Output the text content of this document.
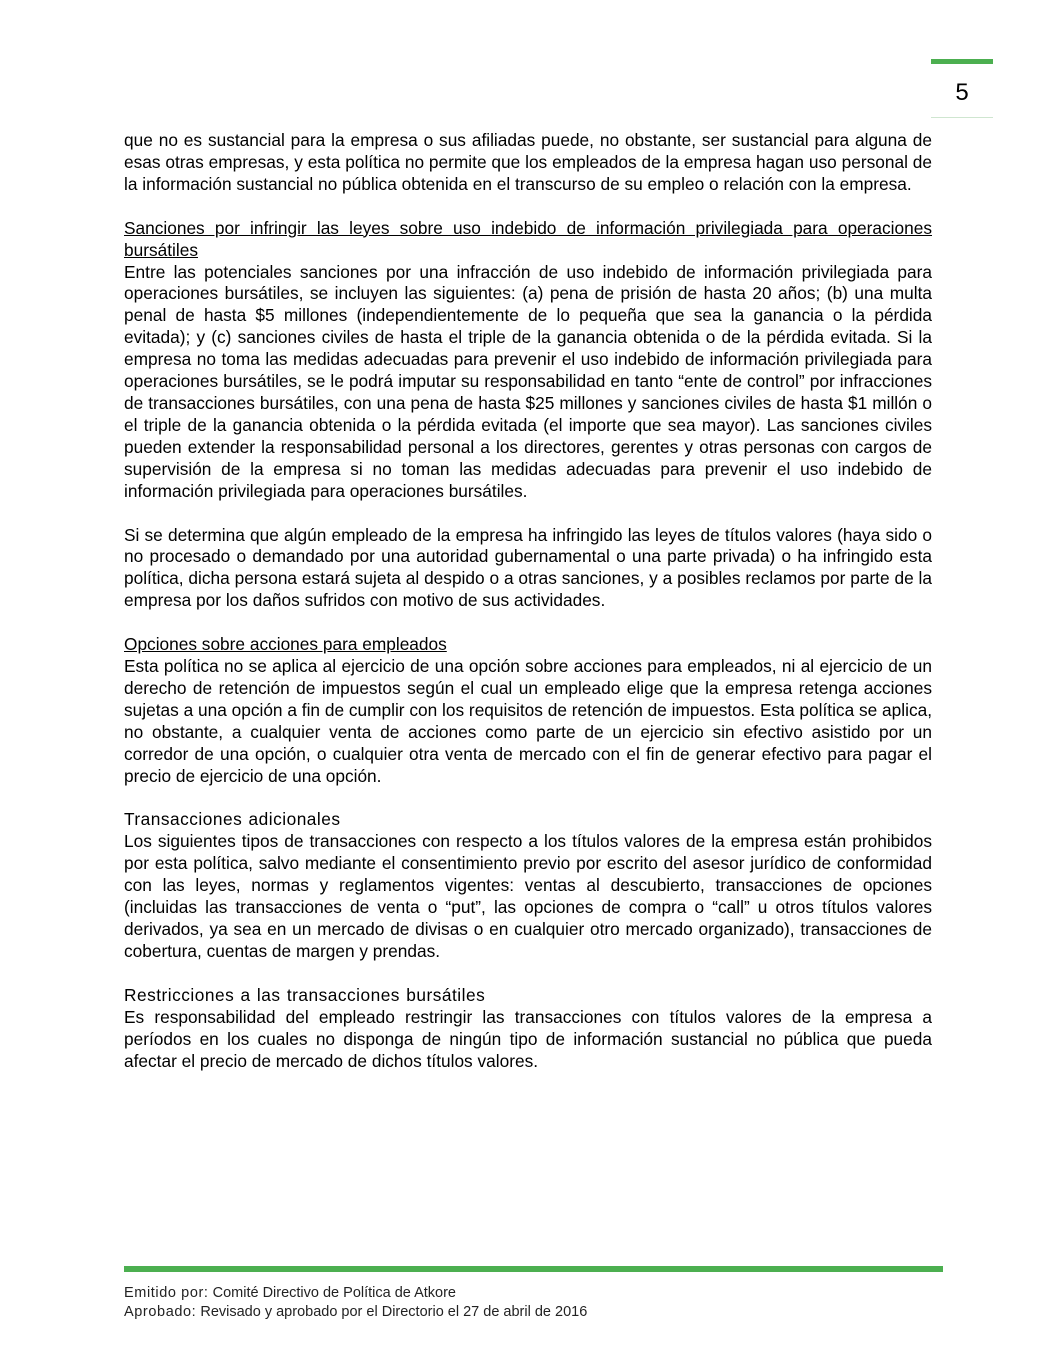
5

que no es sustancial para la empresa o sus afiliadas puede, no obstante, ser sustancial para alguna de esas otras empresas, y esta política no permite que los empleados de la empresa hagan uso personal de la información sustancial no pública obtenida en el transcurso de su empleo o relación con la empresa.

Sanciones por infringir las leyes sobre uso indebido de información privilegiada para operaciones bursátiles

Entre las potenciales sanciones por una infracción de uso indebido de información privilegiada para operaciones bursátiles, se incluyen las siguientes: (a) pena de prisión de hasta 20 años; (b) una multa penal de hasta $5 millones (independientemente de lo pequeña que sea la ganancia o la pérdida evitada); y (c) sanciones civiles de hasta el triple de la ganancia obtenida o de la pérdida evitada. Si la empresa no toma las medidas adecuadas para prevenir el uso indebido de información privilegiada para operaciones bursátiles, se le podrá imputar su responsabilidad en tanto “ente de control” por infracciones de transacciones bursátiles, con una pena de hasta $25 millones y sanciones civiles de hasta $1 millón o el triple de la ganancia obtenida o la pérdida evitada (el importe que sea mayor). Las sanciones civiles pueden extender la responsabilidad personal a los directores, gerentes y otras personas con cargos de supervisión de la empresa si no toman las medidas adecuadas para prevenir el uso indebido de información privilegiada para operaciones bursátiles.

Si se determina que algún empleado de la empresa ha infringido las leyes de títulos valores (haya sido o no procesado o demandado por una autoridad gubernamental o una parte privada) o ha infringido esta política, dicha persona estará sujeta al despido o a otras sanciones, y a posibles reclamos por parte de la empresa por los daños sufridos con motivo de sus actividades.

Opciones sobre acciones para empleados

Esta política no se aplica al ejercicio de una opción sobre acciones para empleados, ni al ejercicio de un derecho de retención de impuestos según el cual un empleado elige que la empresa retenga acciones sujetas a una opción a fin de cumplir con los requisitos de retención de impuestos. Esta política se aplica, no obstante, a cualquier venta de acciones como parte de un ejercicio sin efectivo asistido por un corredor de una opción, o cualquier otra venta de mercado con el fin de generar efectivo para pagar el precio de ejercicio de una opción.

Transacciones adicionales

Los siguientes tipos de transacciones con respecto a los títulos valores de la empresa están prohibidos por esta política, salvo mediante el consentimiento previo por escrito del asesor jurídico de conformidad con las leyes, normas y reglamentos vigentes: ventas al descubierto, transacciones de opciones (incluidas las transacciones de venta o “put”, las opciones de compra o “call” u otros títulos valores derivados, ya sea en un mercado de divisas o en cualquier otro mercado organizado), transacciones de cobertura, cuentas de margen y prendas.

Restricciones a las transacciones bursátiles

Es responsabilidad del empleado restringir las transacciones con títulos valores de la empresa a períodos en los cuales no disponga de ningún tipo de información sustancial no pública que pueda afectar el precio de mercado de dichos títulos valores.

Emitido por: Comité Directivo de Política de Atkore
Aprobado: Revisado y aprobado por el Directorio el 27 de abril de 2016
